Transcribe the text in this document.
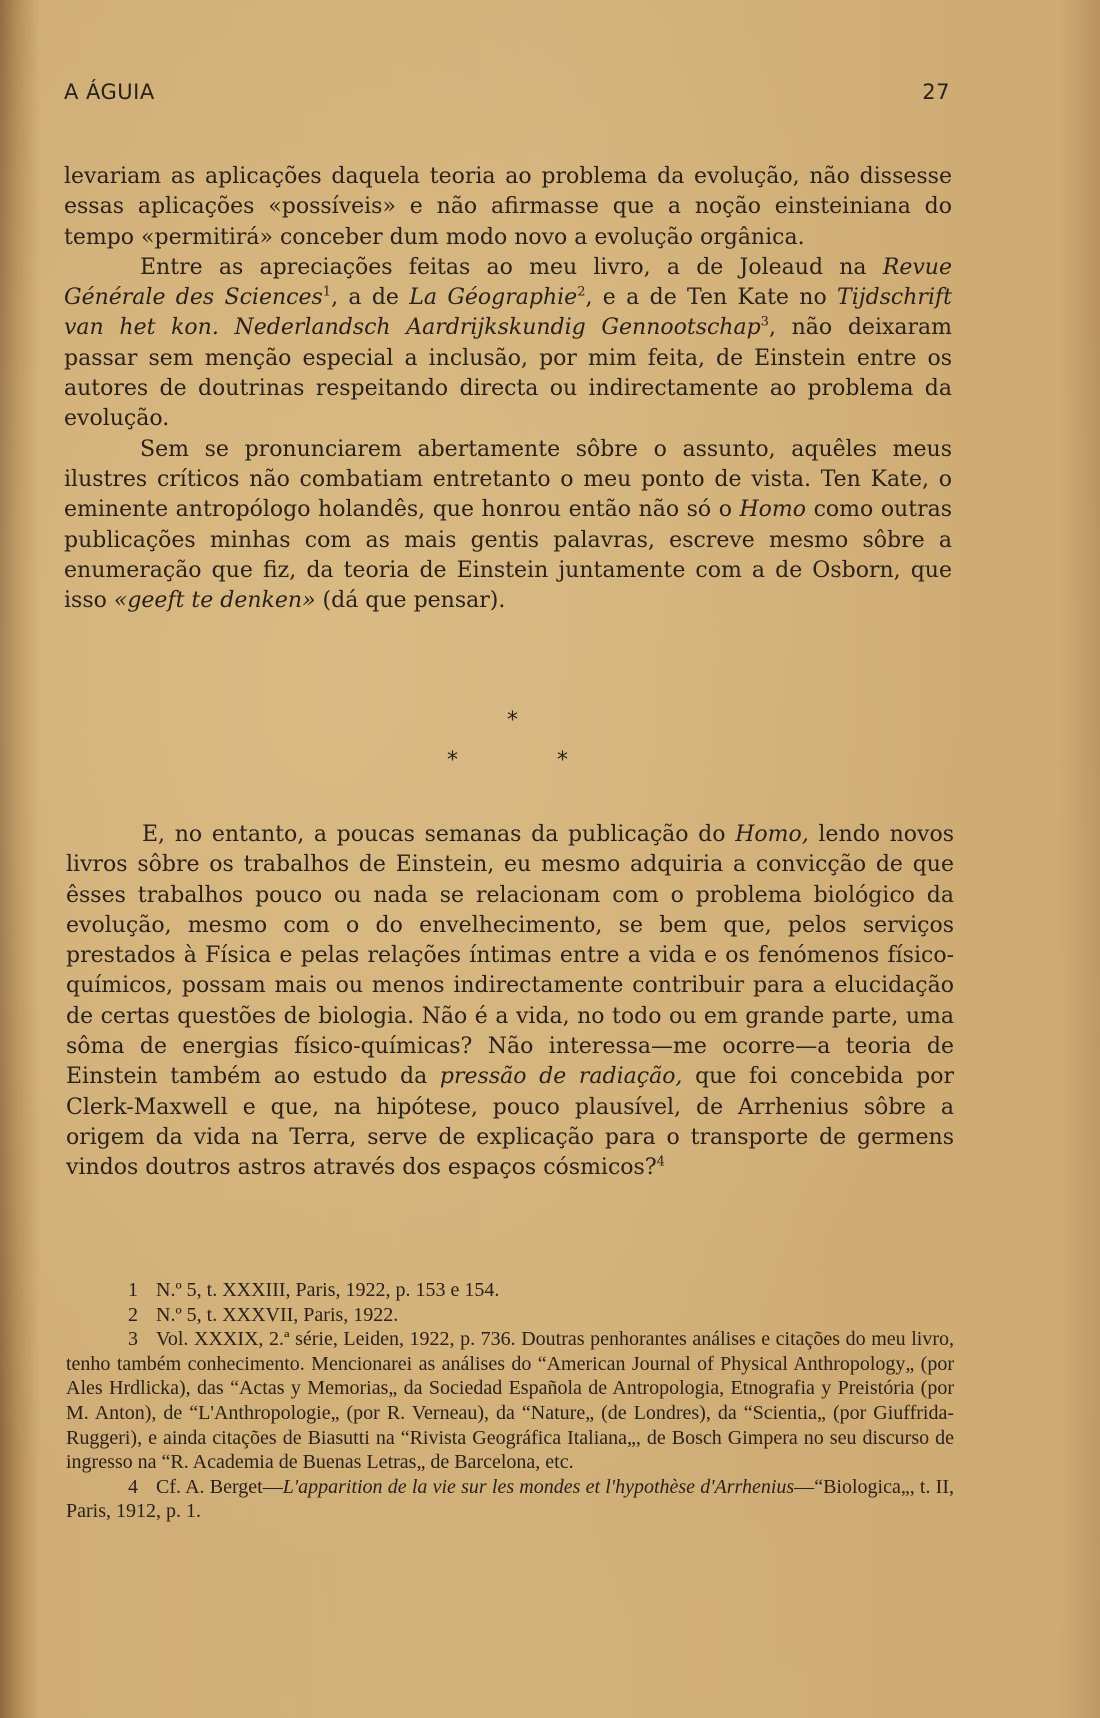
A ÁGUIA	27

levariam as aplicações daquela teoria ao problema da evolução, não dissesse essas aplicações «possíveis» e não afirmasse que a noção einsteiniana do tempo «permitirá» conceber dum modo novo a evolução orgânica.

Entre as apreciações feitas ao meu livro, a de Joleaud na Revue Générale des Sciences$^1$, a de La Géographie$^2$, e a de Ten Kate no Tijdschrift van het kon. Nederlandsch Aardrijkskundig Gennootschap$^3$, não deixaram passar sem menção especial a inclusão, por mim feita, de Einstein entre os autores de doutrinas respeitando directa ou indirectamente ao problema da evolução.

Sem se pronunciarem abertamente sôbre o assunto, aquêles meus ilustres críticos não combatiam entretanto o meu ponto de vista. Ten Kate, o eminente antropólogo holandês, que honrou então não só o Homo como outras publicações minhas com as mais gentis palavras, escreve mesmo sôbre a enumeração que fiz, da teoria de Einstein juntamente com a de Osborn, que isso «geeft te denken» (dá que pensar).

*
*	*

E, no entanto, a poucas semanas da publicação do Homo, lendo novos livros sôbre os trabalhos de Einstein, eu mesmo adquiria a convicção de que êsses trabalhos pouco ou nada se relacionam com o problema biológico da evolução, mesmo com o do envelhecimento, se bem que, pelos serviços prestados à Física e pelas relações íntimas entre a vida e os fenómenos físico-químicos, possam mais ou menos indirectamente contribuir para a elucidação de certas questões de biologia. Não é a vida, no todo ou em grande parte, uma sôma de energias físico-químicas? Não interessa—me ocorre—a teoria de Einstein também ao estudo da pressão de radiação, que foi concebida por Clerk-Maxwell e que, na hipótese, pouco plausível, de Arrhenius sôbre a origem da vida na Terra, serve de explicação para o transporte de germens vindos doutros astros através dos espaços cósmicos?$^4$

1 N.º 5, t. XXXIII, Paris, 1922, p. 153 e 154.

2 N.º 5, t. XXXVII, Paris, 1922.

3 Vol. XXXIX, 2.ª série, Leiden, 1922, p. 736. Doutras penhorantes análises e citações do meu livro, tenho também conhecimento. Mencionarei as análises do “American Journal of Physical Anthropology„ (por Ales Hrdlicka), das “Actas y Memorias„ da Sociedad Española de Antropologia, Etnografia y Preistória (por M. Anton), de “L'Anthropologie„ (por R. Verneau), da “Nature„ (de Londres), da “Scientia„ (por Giuffrida-Ruggeri), e ainda citações de Biasutti na “Rivista Geográfica Italiana„, de Bosch Gimpera no seu discurso de ingresso na “R. Academia de Buenas Letras„ de Barcelona, etc.

4 Cf. A. Berget—L'apparition de la vie sur les mondes et l'hypothèse d'Arrhenius—“Biologica„, t. II, Paris, 1912, p. 1.
